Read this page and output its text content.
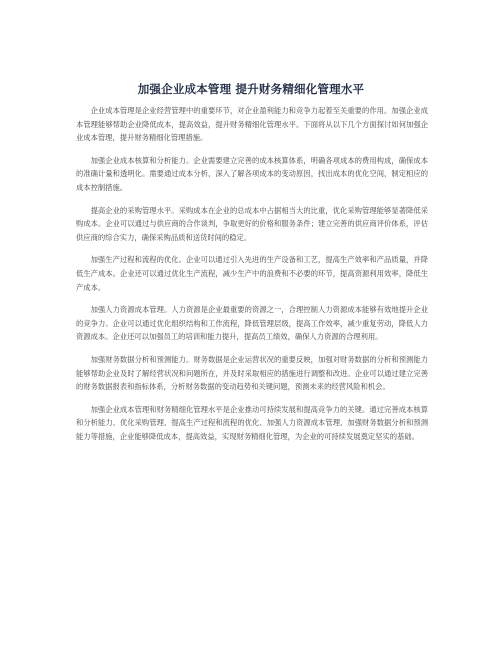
加强企业成本管理 提升财务精细化管理水平

企业成本管理是企业经营管理中的重要环节，对企业盈利能力和竞争力起着至关重要的作用。加强企业成本管理能够帮助企业降低成本，提高效益，提升财务精细化管理水平。下面将从以下几个方面探讨如何加强企业成本管理，提升财务精细化管理措施。

加强企业成本核算和分析能力。企业需要建立完善的成本核算体系，明确各项成本的费用构成，确保成本的准确计量和透明化。需要通过成本分析，深入了解各项成本的变动原因，找出成本的优化空间，制定相应的成本控制措施。

提高企业的采购管理水平。采购成本在企业的总成本中占据相当大的比重，优化采购管理能够显著降低采购成本。企业可以通过与供应商的合作谈判，争取更好的价格和服务条件；建立完善的供应商评价体系，评估供应商的综合实力，确保采购品质和送货时间的稳定。

加强生产过程和流程的优化。企业可以通过引入先进的生产设备和工艺，提高生产效率和产品质量，并降低生产成本。企业还可以通过优化生产流程，减少生产中的浪费和不必要的环节，提高资源利用效率，降低生产成本。

加强人力资源成本管理。人力资源是企业最重要的资源之一，合理控制人力资源成本能够有效地提升企业的竞争力。企业可以通过优化组织结构和工作流程，降低管理层级，提高工作效率，减少重复劳动，降低人力资源成本。企业还可以加强员工的培训和能力提升，提高员工绩效，确保人力资源的合理利用。

加强财务数据分析和预测能力。财务数据是企业运营状况的重要反映，加强对财务数据的分析和预测能力能够帮助企业及时了解经营状况和问题所在，并及时采取相应的措施进行调整和改进。企业可以通过建立完善的财务数据报表和指标体系，分析财务数据的变动趋势和关键问题，预测未来的经营风险和机会。

加强企业成本管理和财务精细化管理水平是企业推动可持续发展和提高竞争力的关键。通过完善成本核算和分析能力、优化采购管理、提高生产过程和流程的优化、加强人力资源成本管理、加强财务数据分析和预测能力等措施，企业能够降低成本，提高效益，实现财务精细化管理，为企业的可持续发展奠定坚实的基础。
